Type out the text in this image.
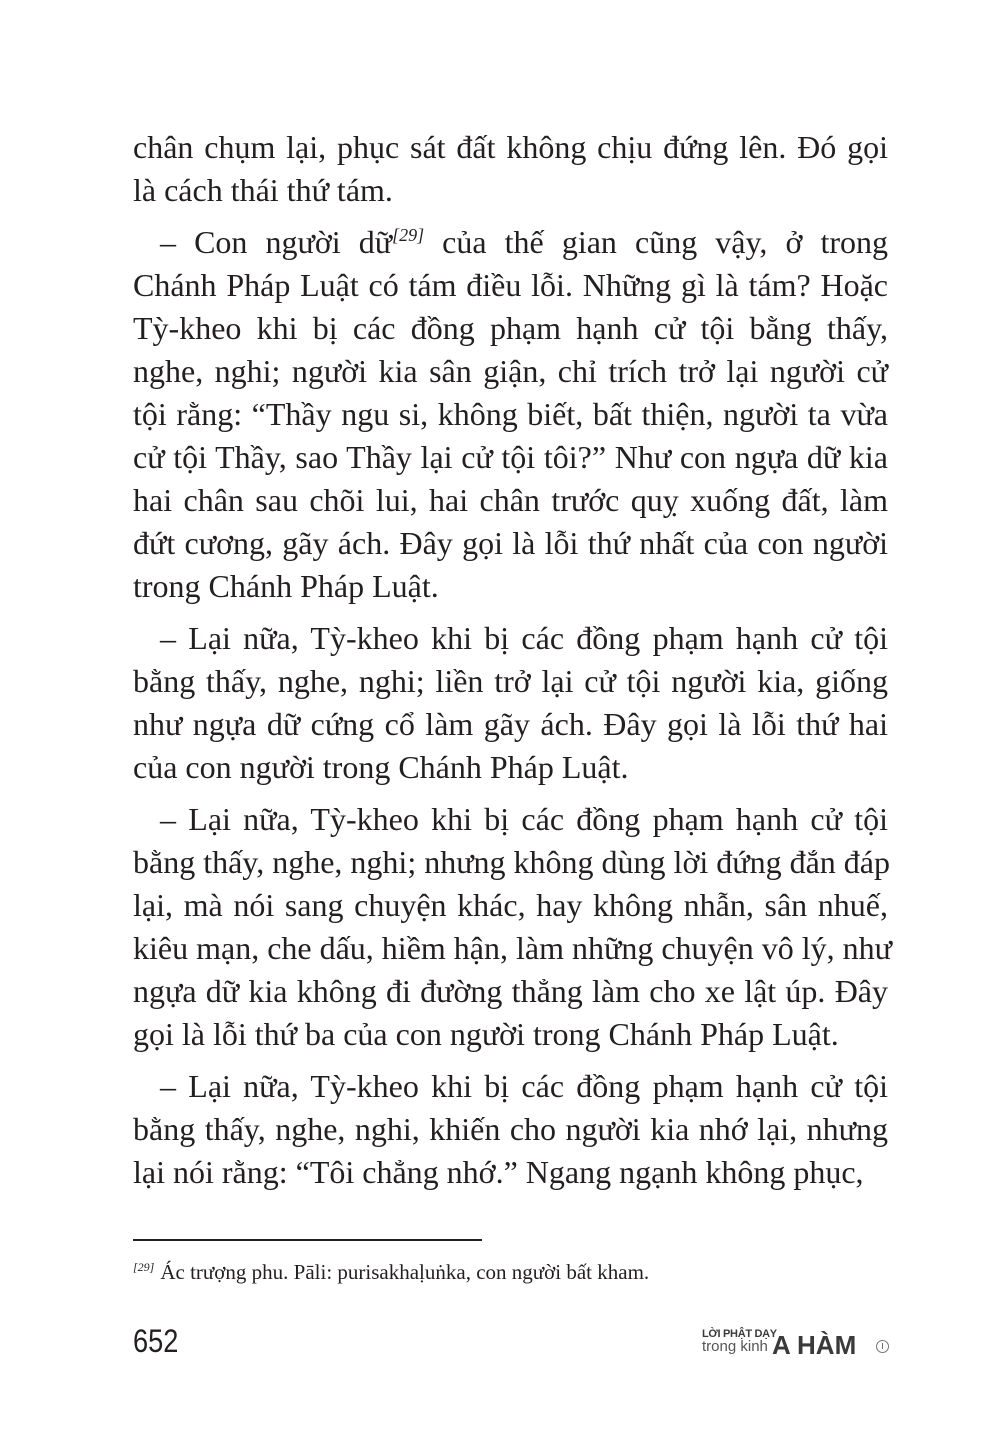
chân chụm lại, phục sát đất không chịu đứng lên. Đó gọi
là cách thái thứ tám.
– Con người dữ[29] của thế gian cũng vậy, ở trong
Chánh Pháp Luật có tám điều lỗi. Những gì là tám? Hoặc
Tỳ-kheo khi bị các đồng phạm hạnh cử tội bằng thấy,
nghe, nghi; người kia sân giận, chỉ trích trở lại người cử
tội rằng: “Thầy ngu si, không biết, bất thiện, người ta vừa
cử tội Thầy, sao Thầy lại cử tội tôi?” Như con ngựa dữ kia
hai chân sau chõi lui, hai chân trước quỵ xuống đất, làm
đứt cương, gãy ách. Đây gọi là lỗi thứ nhất của con người
trong Chánh Pháp Luật.
– Lại nữa, Tỳ-kheo khi bị các đồng phạm hạnh cử tội
bằng thấy, nghe, nghi; liền trở lại cử tội người kia, giống
như ngựa dữ cứng cổ làm gãy ách. Đây gọi là lỗi thứ hai
của con người trong Chánh Pháp Luật.
– Lại nữa, Tỳ-kheo khi bị các đồng phạm hạnh cử tội
bằng thấy, nghe, nghi; nhưng không dùng lời đứng đắn đáp
lại, mà nói sang chuyện khác, hay không nhẫn, sân nhuế,
kiêu mạn, che dấu, hiềm hận, làm những chuyện vô lý, như
ngựa dữ kia không đi đường thẳng làm cho xe lật úp. Đây
gọi là lỗi thứ ba của con người trong Chánh Pháp Luật.
– Lại nữa, Tỳ-kheo khi bị các đồng phạm hạnh cử tội
bằng thấy, nghe, nghi, khiến cho người kia nhớ lại, nhưng
lại nói rằng: “Tôi chẳng nhớ.” Ngang ngạnh không phục,
[29] Ác trượng phu. Pāli: purisakhaḷuṅka, con người bất kham.
652	LỜI PHẬT DẠY
trong kinh A HÀM	I
